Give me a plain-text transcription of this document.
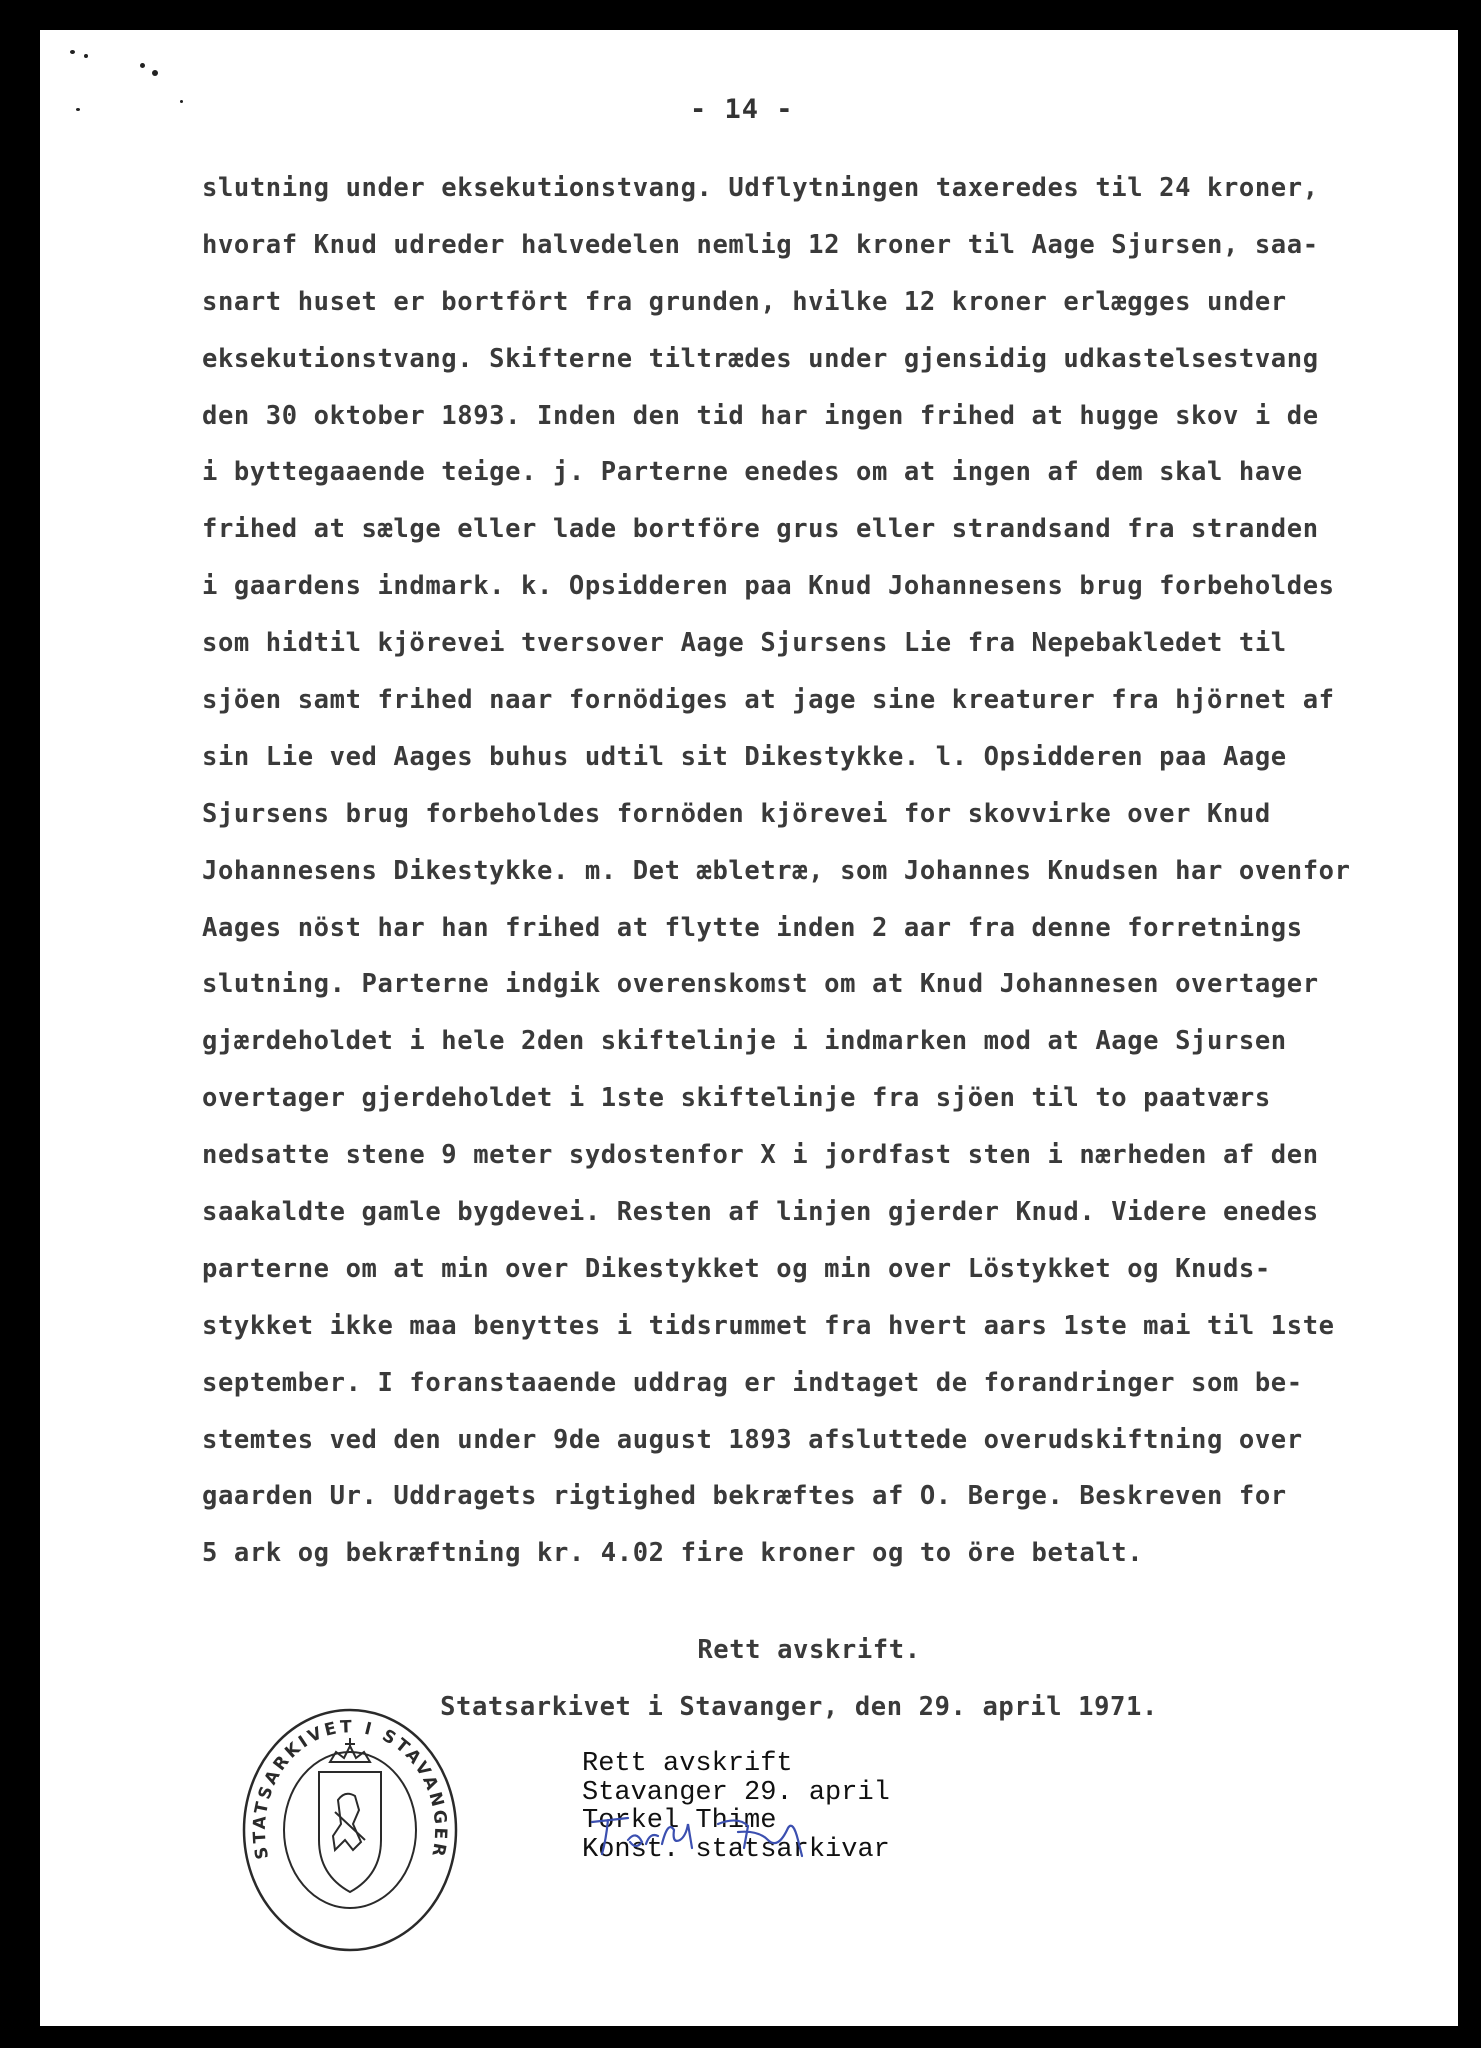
- 14 -
slutning under eksekutionstvang. Udflytningen taxeredes til 24 kroner,
hvoraf Knud udreder halvedelen nemlig 12 kroner til Aage Sjursen, saa-
snart huset er bortfört fra grunden, hvilke 12 kroner erlægges under
eksekutionstvang. Skifterne tiltrædes under gjensidig udkastelsestvang
den 30 oktober 1893. Inden den tid har ingen frihed at hugge skov i de
i byttegaaende teige. j. Parterne enedes om at ingen af dem skal have
frihed at sælge eller lade bortföre grus eller strandsand fra stranden
i gaardens indmark. k. Opsidderen paa Knud Johannesens brug forbeholdes
som hidtil kjörevei tversover Aage Sjursens Lie fra Nepebakledet til
sjöen samt frihed naar fornödiges at jage sine kreaturer fra hjörnet af
sin Lie ved Aages buhus udtil sit Dikestykke. l. Opsidderen paa Aage
Sjursens brug forbeholdes fornöden kjörevei for skovvirke over Knud
Johannesens Dikestykke. m. Det æbletræ, som Johannes Knudsen har ovenfor
Aages nöst har han frihed at flytte inden 2 aar fra denne forretnings
slutning. Parterne indgik overenskomst om at Knud Johannesen overtager
gjærdeholdet i hele 2den skiftelinje i indmarken mod at Aage Sjursen
overtager gjerdeholdet i 1ste skiftelinje fra sjöen til to paatværs
nedsatte stene 9 meter sydostenfor X i jordfast sten i nærheden af den
saakaldte gamle bygdevei. Resten af linjen gjerder Knud. Videre enedes
parterne om at min over Dikestykket og min over Löstykket og Knuds-
stykket ikke maa benyttes i tidsrummet fra hvert aars 1ste mai til 1ste
september. I foranstaaende uddrag er indtaget de forandringer som be-
stemtes ved den under 9de august 1893 afsluttede overudskiftning over
gaarden Ur. Uddragets rigtighed bekræftes af O. Berge. Beskreven for
5 ark og bekræftning kr. 4.02 fire kroner og to öre betalt.
Rett avskrift.
Statsarkivet i Stavanger, den 29. april 1971.
STATSARKIVET I STAVANGER
Rett avskrift
Stavanger 29. april
Torkel Thime
Konst. statsarkivar
